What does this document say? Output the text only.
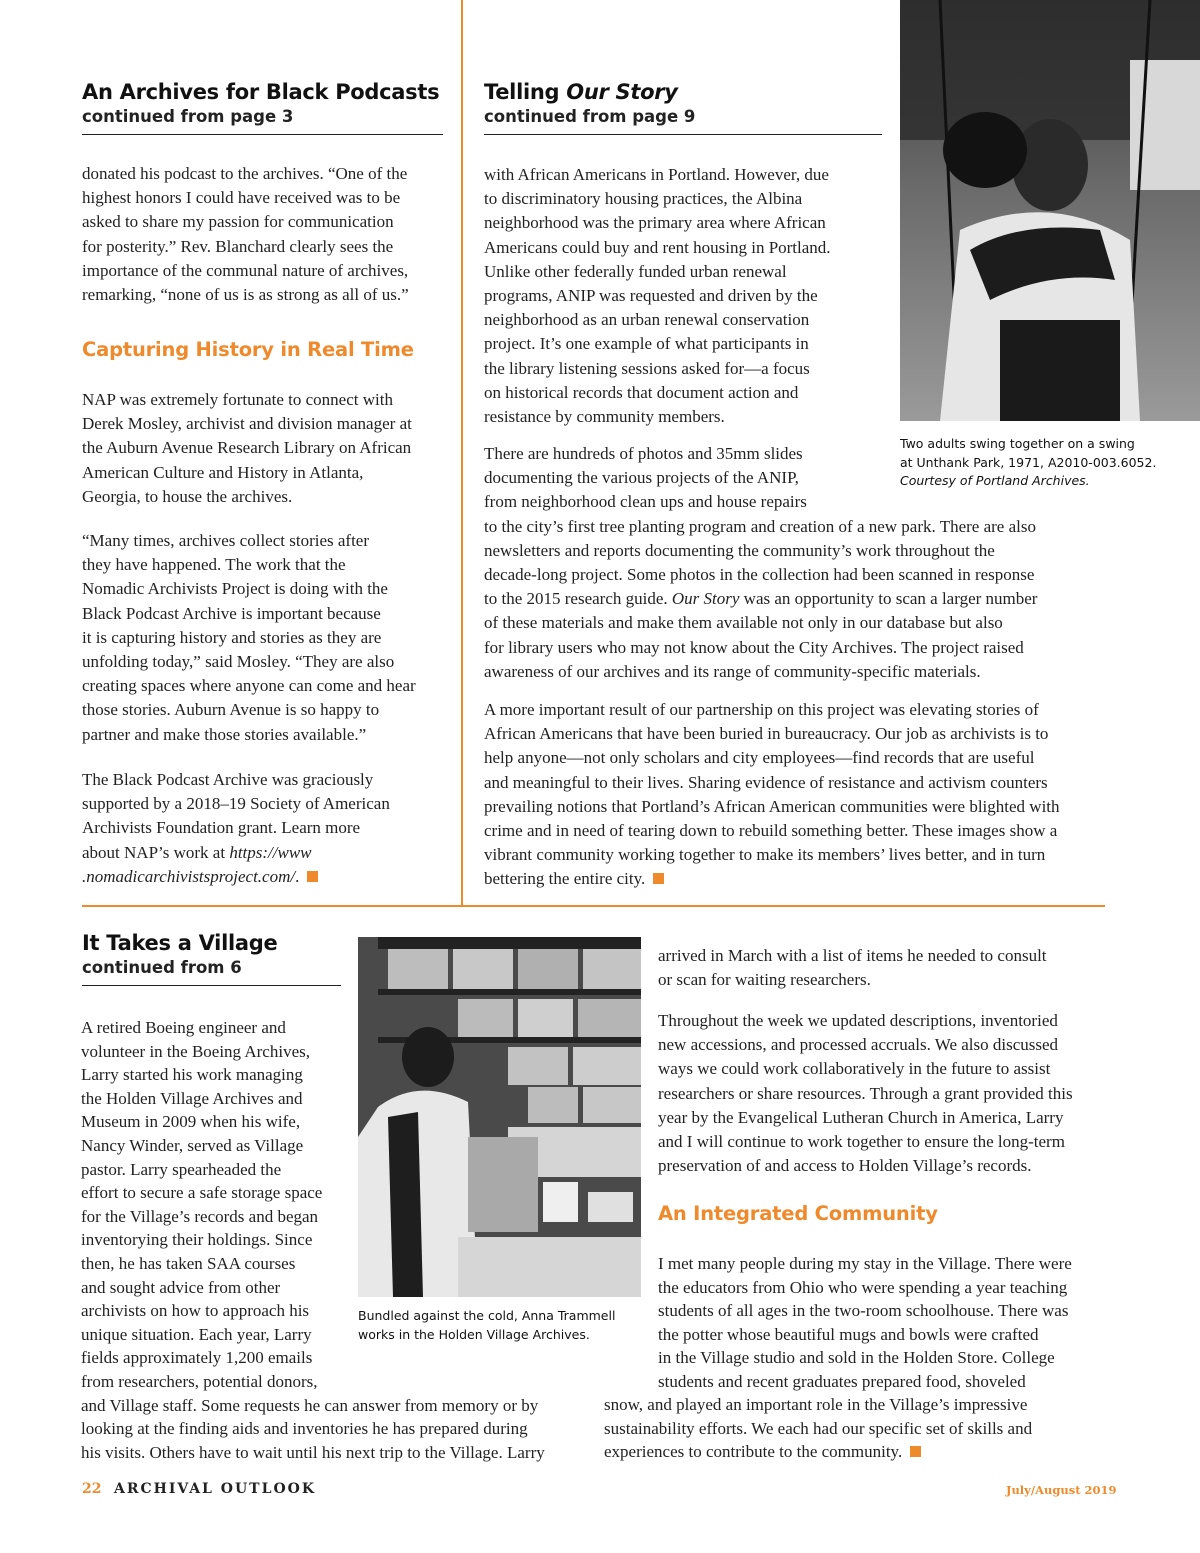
An Archives for Black Podcasts
continued from page 3
donated his podcast to the archives. “One of the
highest honors I could have received was to be
asked to share my passion for communication
for posterity.” Rev. Blanchard clearly sees the
importance of the communal nature of archives,
remarking, “none of us is as strong as all of us.”
Capturing History in Real Time
NAP was extremely fortunate to connect with
Derek Mosley, archivist and division manager at
the Auburn Avenue Research Library on African
American Culture and History in Atlanta,
Georgia, to house the archives.
“Many times, archives collect stories after
they have happened. The work that the
Nomadic Archivists Project is doing with the
Black Podcast Archive is important because
it is capturing history and stories as they are
unfolding today,” said Mosley. “They are also
creating spaces where anyone can come and hear
those stories. Auburn Avenue is so happy to
partner and make those stories available.”
The Black Podcast Archive was graciously
supported by a 2018–19 Society of American
Archivists Foundation grant. Learn more
about NAP’s work at https://www
.nomadicarchivistsproject.com/.
Telling Our Story
continued from page 9
Two adults swing together on a swing
at Unthank Park, 1971, A2010-003.6052.
Courtesy of Portland Archives.
with African Americans in Portland. However, due
to discriminatory housing practices, the Albina
neighborhood was the primary area where African
Americans could buy and rent housing in Portland.
Unlike other federally funded urban renewal
programs, ANIP was requested and driven by the
neighborhood as an urban renewal conservation
project. It’s one example of what participants in
the library listening sessions asked for—a focus
on historical records that document action and
resistance by community members.
There are hundreds of photos and 35mm slides
documenting the various projects of the ANIP,
from neighborhood clean ups and house repairs
to the city’s first tree planting program and creation of a new park. There are also
newsletters and reports documenting the community’s work throughout the
decade-long project. Some photos in the collection had been scanned in response
to the 2015 research guide. Our Story was an opportunity to scan a larger number
of these materials and make them available not only in our database but also
for library users who may not know about the City Archives. The project raised
awareness of our archives and its range of community-specific materials.
A more important result of our partnership on this project was elevating stories of
African Americans that have been buried in bureaucracy. Our job as archivists is to
help anyone—not only scholars and city employees—find records that are useful
and meaningful to their lives. Sharing evidence of resistance and activism counters
prevailing notions that Portland’s African American communities were blighted with
crime and in need of tearing down to rebuild something better. These images show a
vibrant community working together to make its members’ lives better, and in turn
bettering the entire city.
It Takes a Village
continued from 6
Bundled against the cold, Anna Trammell
works in the Holden Village Archives.
A retired Boeing engineer and
volunteer in the Boeing Archives,
Larry started his work managing
the Holden Village Archives and
Museum in 2009 when his wife,
Nancy Winder, served as Village
pastor. Larry spearheaded the
effort to secure a safe storage space
for the Village’s records and began
inventorying their holdings. Since
then, he has taken SAA courses
and sought advice from other
archivists on how to approach his
unique situation. Each year, Larry
fields approximately 1,200 emails
from researchers, potential donors,
and Village staff. Some requests he can answer from memory or by
looking at the finding aids and inventories he has prepared during
his visits. Others have to wait until his next trip to the Village. Larry
arrived in March with a list of items he needed to consult
or scan for waiting researchers.
Throughout the week we updated descriptions, inventoried
new accessions, and processed accruals. We also discussed
ways we could work collaboratively in the future to assist
researchers or share resources. Through a grant provided this
year by the Evangelical Lutheran Church in America, Larry
and I will continue to work together to ensure the long-term
preservation of and access to Holden Village’s records.
An Integrated Community
I met many people during my stay in the Village. There were
the educators from Ohio who were spending a year teaching
students of all ages in the two-room schoolhouse. There was
the potter whose beautiful mugs and bowls were crafted
in the Village studio and sold in the Holden Store. College
students and recent graduates prepared food, shoveled
snow, and played an important role in the Village’s impressive
sustainability efforts. We each had our specific set of skills and
experiences to contribute to the community.
22 ARCHIVAL OUTLOOK	July/August 2019
